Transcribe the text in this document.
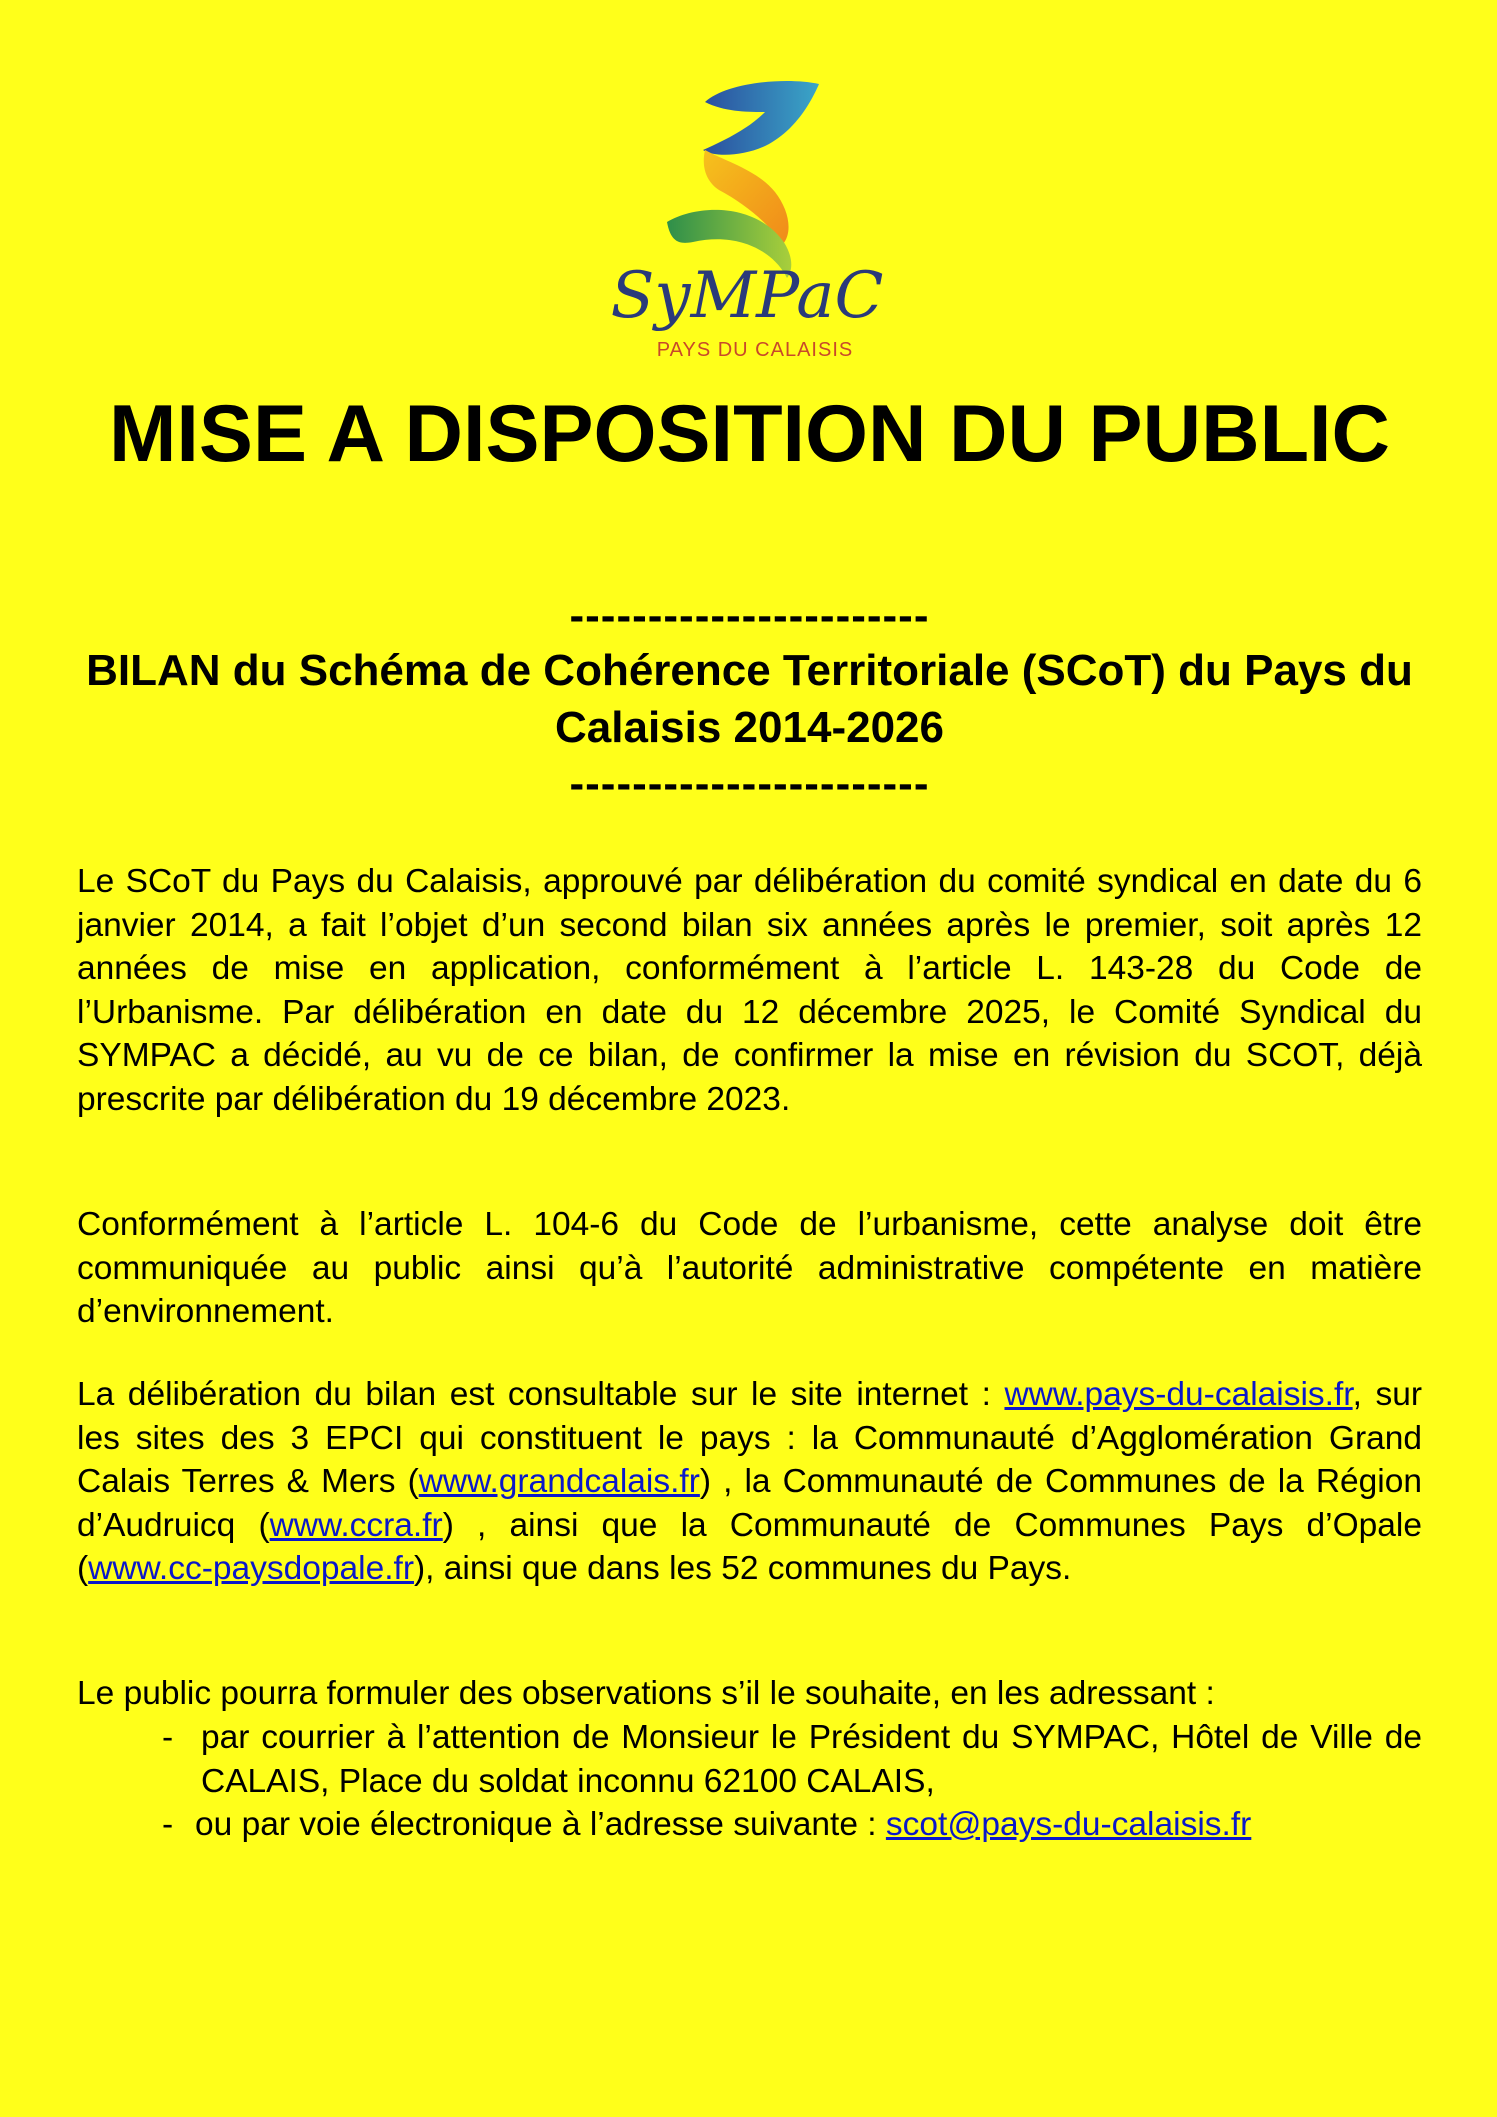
SyMPaC
PAYS DU CALAISIS
MISE A DISPOSITION DU PUBLIC
-----------------------
BILAN du Schéma de Cohérence Territoriale (SCoT) du Pays du Calaisis 2014-2026
-----------------------

Le SCoT du Pays du Calaisis, approuvé par délibération du comité syndical en date du 6 janvier 2014, a fait l’objet d’un second bilan six années après le premier, soit après 12 années de mise en application, conformément à l’article L. 143-28 du Code de l’Urbanisme. Par délibération en date du 12 décembre 2025, le Comité Syndical du SYMPAC a décidé, au vu de ce bilan, de confirmer la mise en révision du SCOT, déjà prescrite par délibération du 19 décembre 2023.

Conformément à l’article L. 104-6 du Code de l’urbanisme, cette analyse doit être communiquée au public ainsi qu’à l’autorité administrative compétente en matière d’environnement.

La délibération du bilan est consultable sur le site internet : www.pays-du-calaisis.fr, sur les sites des 3 EPCI qui constituent le pays : la Communauté d’Agglomération Grand Calais Terres & Mers (www.grandcalais.fr) , la Communauté de Communes de la Région d’Audruicq (www.ccra.fr) , ainsi que la Communauté de Communes Pays d’Opale (www.cc-paysdopale.fr), ainsi que dans les 52 communes du Pays.

Le public pourra formuler des observations s’il le souhaite, en les adressant :

- par courrier à l’attention de Monsieur le Président du SYMPAC, Hôtel de Ville de CALAIS, Place du soldat inconnu 62100 CALAIS,
- ou par voie électronique à l’adresse suivante : scot@pays-du-calaisis.fr
